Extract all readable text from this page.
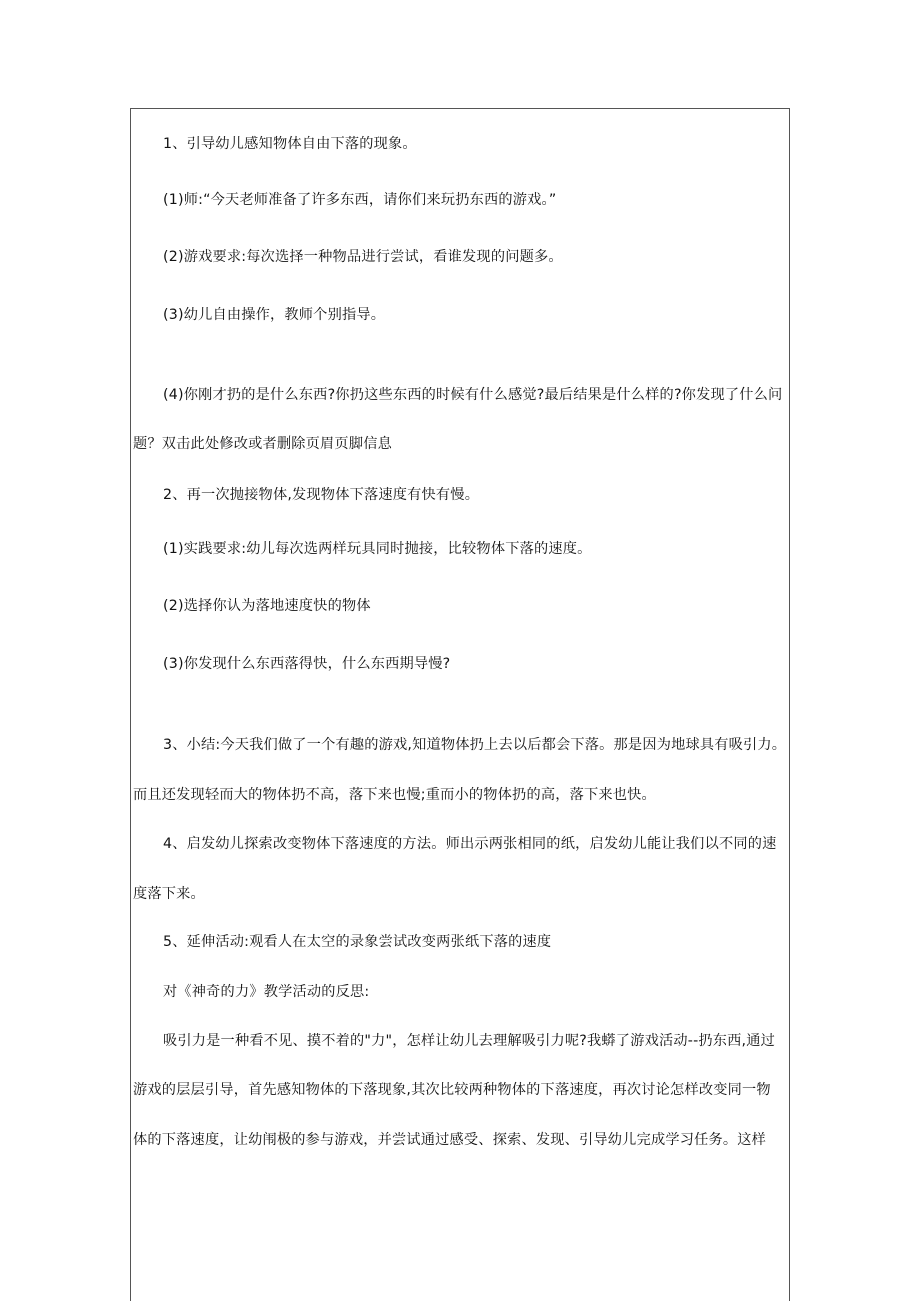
1、引导幼儿感知物体自由下落的现象。
(1)师:“今天老师准备了许多东西，请你们来玩扔东西的游戏。”
(2)游戏要求:每次选择一种物品进行尝试，看谁发现的问题多。
(3)幼儿自由操作，教师个别指导。
(4)你刚才扔的是什么东西?你扔这些东西的时候有什么感觉?最后结果是什么样的?你发现了什么问
题？双击此处修改或者删除页眉页脚信息
2、再一次抛接物体,发现物体下落速度有快有慢。
(1)实践要求:幼儿每次选两样玩具同时抛接，比较物体下落的速度。
(2)选择你认为落地速度快的物体
(3)你发现什么东西落得快，什么东西期导慢?
3、小结:今天我们做了一个有趣的游戏,知道物体扔上去以后都会下落。那是因为地球具有吸引力。
而且还发现轻而大的物体扔不高，落下来也慢;重而小的物体扔的高，落下来也快。
4、启发幼儿探索改变物体下落速度的方法。师出示两张相同的纸，启发幼儿能让我们以不同的速
度落下来。
5、延伸活动:观看人在太空的录象尝试改变两张纸下落的速度
对《神奇的力》教学活动的反思:
吸引力是一种看不见、摸不着的"力"，怎样让幼儿去理解吸引力呢?我蟒了游戏活动--扔东西,通过
游戏的层层引导，首先感知物体的下落现象,其次比较两种物体的下落速度，再次讨论怎样改变同一物
体的下落速度，让幼闱极的参与游戏，并尝试通过感受、探索、发现、引导幼儿完成学习任务。这样
